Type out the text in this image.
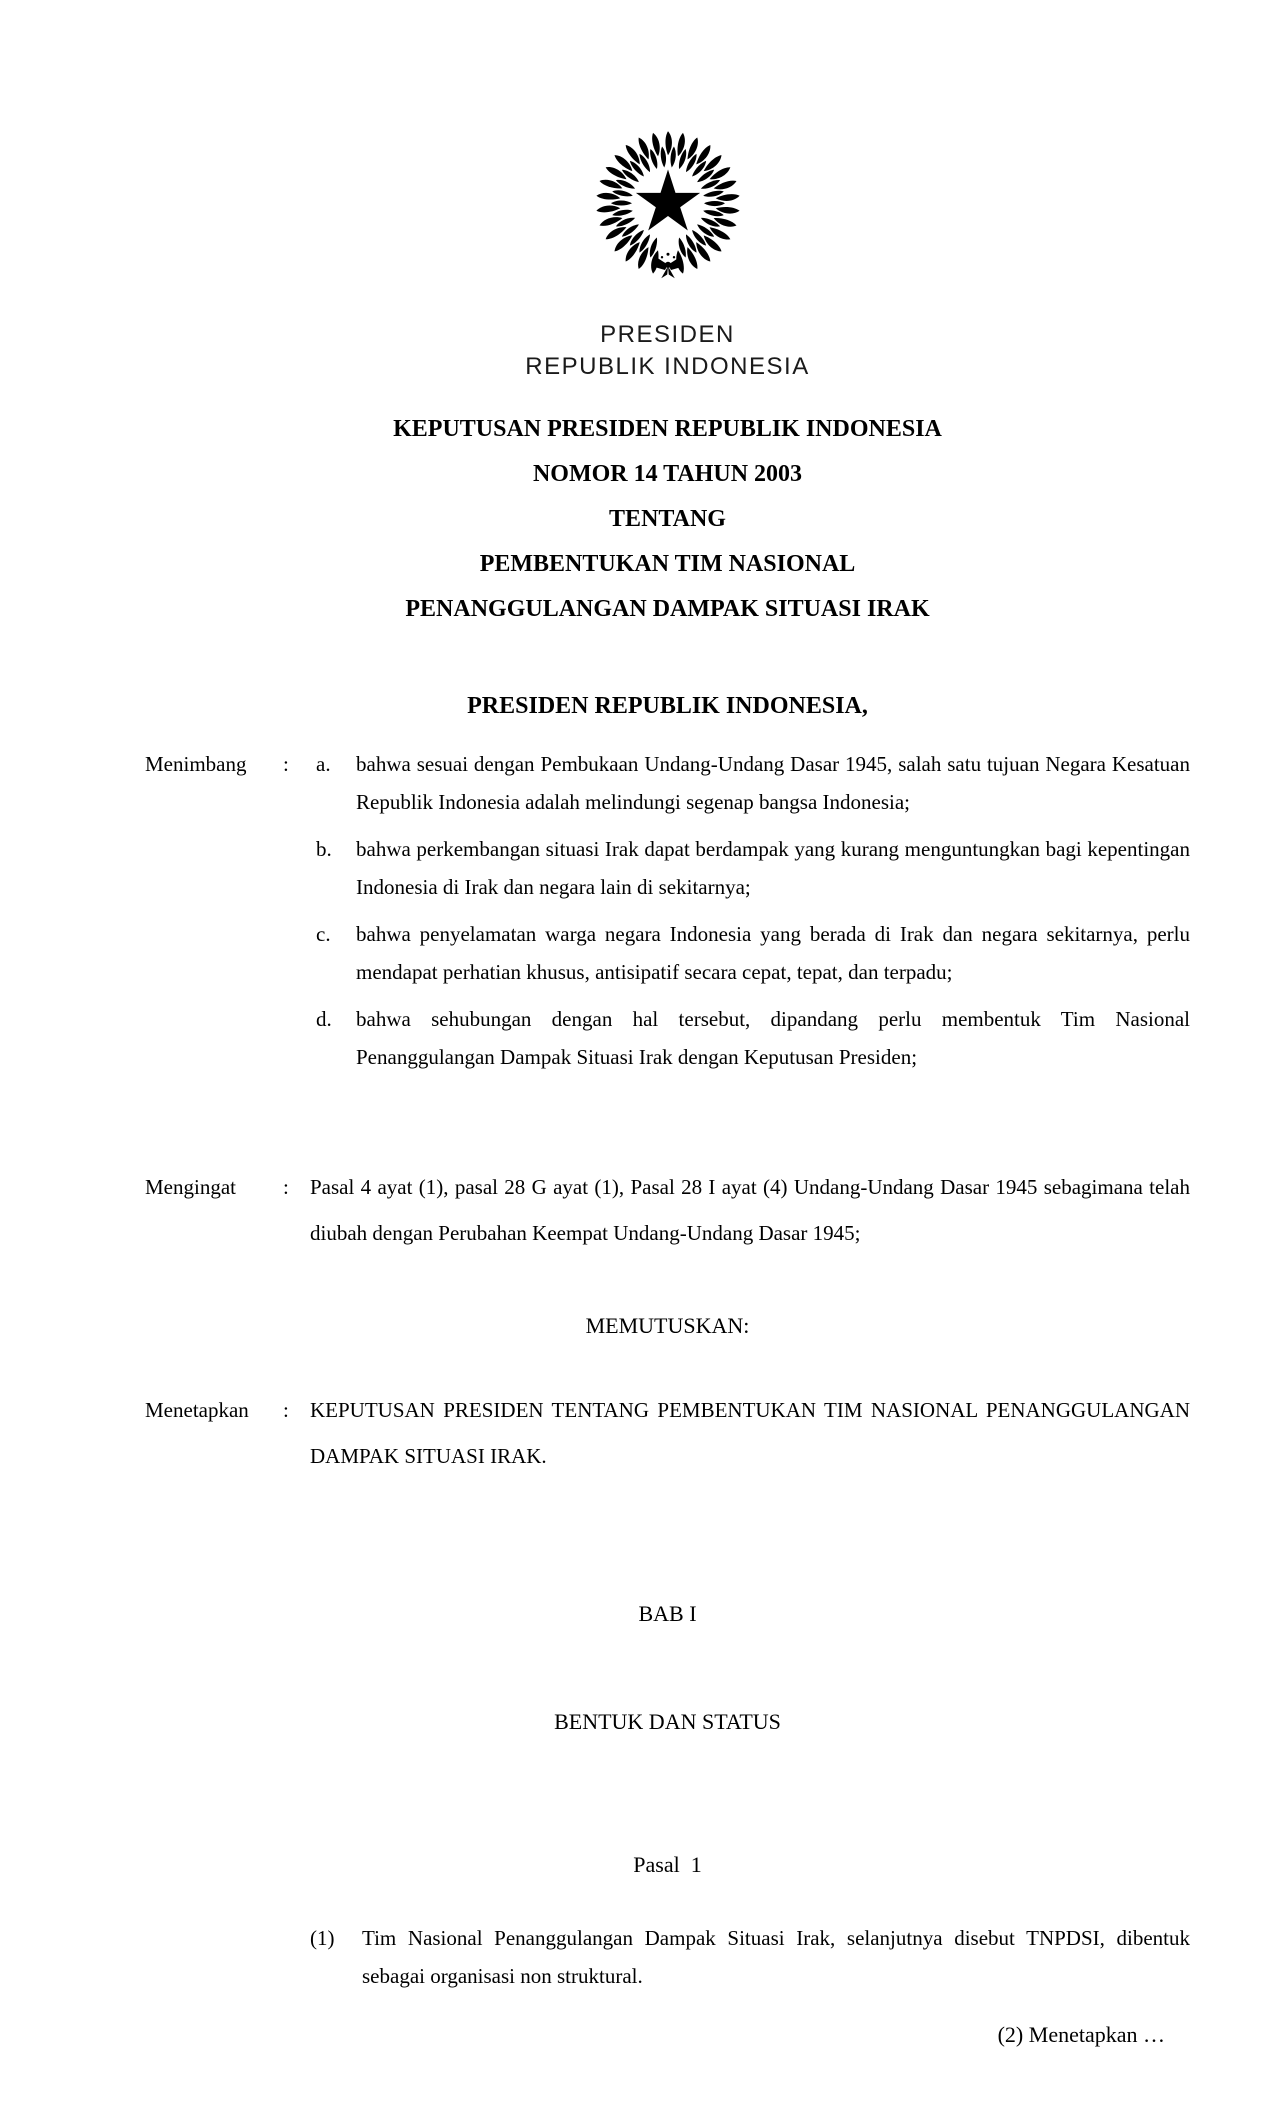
PRESIDEN
REPUBLIK INDONESIA
KEPUTUSAN PRESIDEN REPUBLIK INDONESIA
NOMOR 14 TAHUN 2003
TENTANG
PEMBENTUKAN TIM NASIONAL
PENANGGULANGAN DAMPAK SITUASI IRAK
PRESIDEN REPUBLIK INDONESIA,
Menimbang	:	a.	bahwa sesuai dengan Pembukaan Undang-Undang Dasar 1945, salah satu tujuan Negara Kesatuan Republik Indonesia adalah melindungi segenap bangsa Indonesia;
b.	bahwa perkembangan situasi Irak dapat berdampak yang kurang menguntungkan bagi kepentingan Indonesia di Irak dan negara lain di sekitarnya;
c.	bahwa penyelamatan warga negara Indonesia yang berada di Irak dan negara sekitarnya, perlu mendapat perhatian khusus, antisipatif secara cepat, tepat, dan terpadu;
d.	bahwa sehubungan dengan hal tersebut, dipandang perlu membentuk Tim Nasional Penanggulangan Dampak Situasi Irak dengan Keputusan Presiden;
Mengingat	:	Pasal 4 ayat (1), pasal 28 G ayat (1), Pasal 28 I ayat (4) Undang-Undang Dasar 1945 sebagimana telah diubah dengan Perubahan Keempat Undang-Undang Dasar 1945;
MEMUTUSKAN:
Menetapkan	:	KEPUTUSAN PRESIDEN TENTANG PEMBENTUKAN TIM NASIONAL PENANGGULANGAN DAMPAK SITUASI IRAK.

BAB I

BENTUK DAN STATUS

Pasal  1
(1)	Tim Nasional Penanggulangan Dampak Situasi Irak, selanjutnya disebut TNPDSI, dibentuk sebagai organisasi non struktural.
(2) Menetapkan …
